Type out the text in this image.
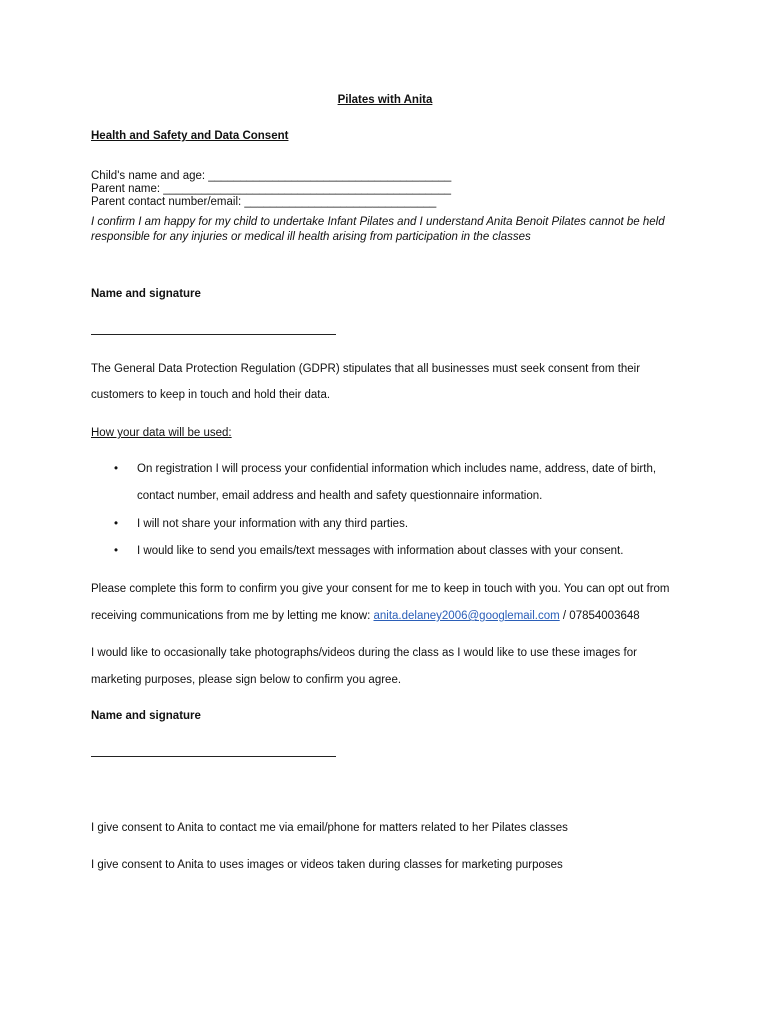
Pilates with Anita
Health and Safety and Data Consent
Child's name and age: ______________________________________
Parent name: _____________________________________________
Parent contact number/email: ______________________________
I confirm I am happy for my child to undertake Infant Pilates and I understand Anita Benoit Pilates cannot be held
responsible for any injuries or medical ill health arising from participation in the classes
Name and signature
The General Data Protection Regulation (GDPR) stipulates that all businesses must seek consent from their
customers to keep in touch and hold their data.
How your data will be used:
• On registration I will process your confidential information which includes name, address, date of birth,
contact number, email address and health and safety questionnaire information.
• I will not share your information with any third parties.
• I would like to send you emails/text messages with information about classes with your consent.
Please complete this form to confirm you give your consent for me to keep in touch with you. You can opt out from
receiving communications from me by letting me know: anita.delaney2006@googlemail.com / 07854003648
I would like to occasionally take photographs/videos during the class as I would like to use these images for
marketing purposes, please sign below to confirm you agree.
Name and signature
I give consent to Anita to contact me via email/phone for matters related to her Pilates classes
I give consent to Anita to uses images or videos taken during classes for marketing purposes
